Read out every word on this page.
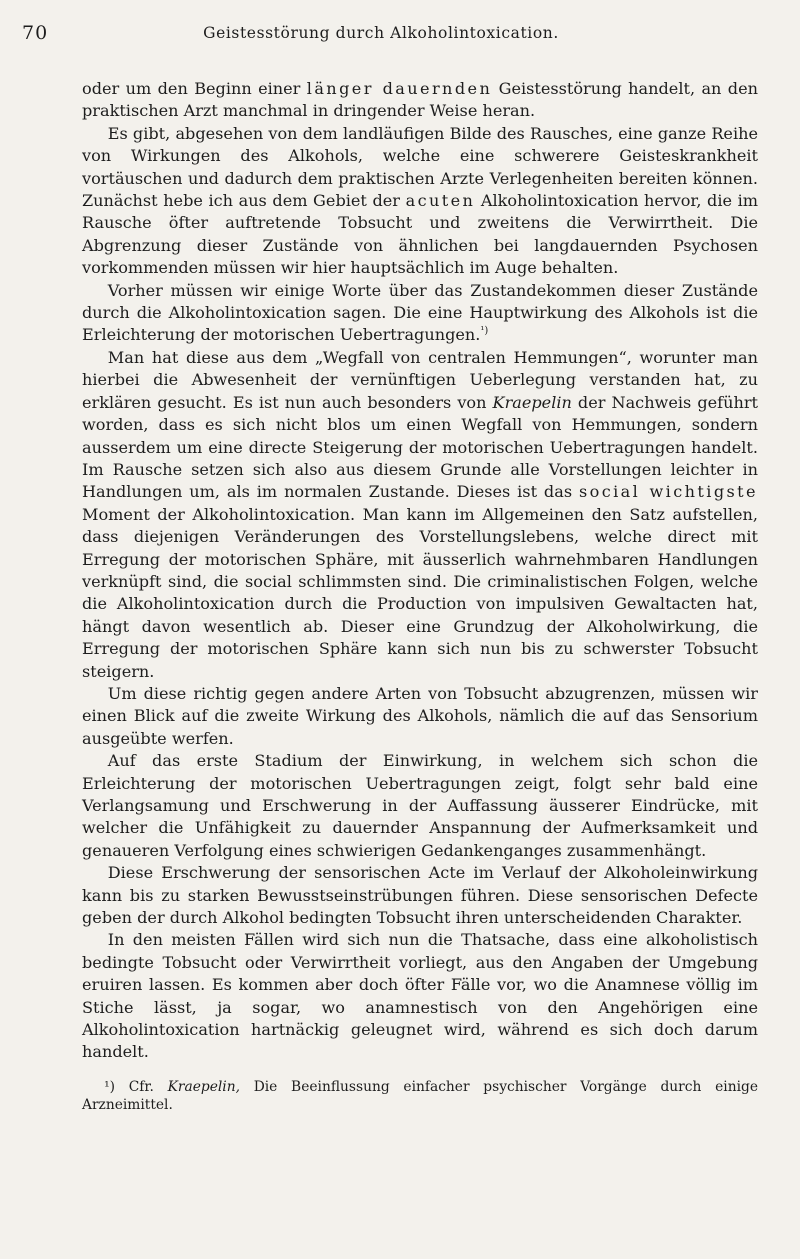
70	Geistesstörung durch Alkoholintoxication.

oder um den Beginn einer länger dauernden Geistesstörung handelt, an den praktischen Arzt manchmal in dringender Weise heran.

Es gibt, abgesehen von dem landläufigen Bilde des Rausches, eine ganze Reihe von Wirkungen des Alkohols, welche eine schwerere Geisteskrankheit vortäuschen und dadurch dem praktischen Arzte Verlegenheiten bereiten können. Zunächst hebe ich aus dem Gebiet der acuten Alkoholintoxication hervor, die im Rausche öfter auftretende Tobsucht und zweitens die Verwirrtheit. Die Abgrenzung dieser Zustände von ähnlichen bei langdauernden Psychosen vorkommenden müssen wir hier hauptsächlich im Auge behalten.

Vorher müssen wir einige Worte über das Zustandekommen dieser Zustände durch die Alkoholintoxication sagen. Die eine Hauptwirkung des Alkohols ist die Erleichterung der motorischen Uebertragungen.$^{^1)}$

Man hat diese aus dem „Wegfall von centralen Hemmungen“, worunter man hierbei die Abwesenheit der vernünftigen Ueberlegung verstanden hat, zu erklären gesucht. Es ist nun auch besonders von Kraepelin der Nachweis geführt worden, dass es sich nicht blos um einen Wegfall von Hemmungen, sondern ausserdem um eine directe Steigerung der motorischen Uebertragungen handelt. Im Rausche setzen sich also aus diesem Grunde alle Vorstellungen leichter in Handlungen um, als im normalen Zustande. Dieses ist das social wichtigste Moment der Alkoholintoxication. Man kann im Allgemeinen den Satz aufstellen, dass diejenigen Veränderungen des Vorstellungslebens, welche direct mit Erregung der motorischen Sphäre, mit äusserlich wahrnehmbaren Handlungen verknüpft sind, die social schlimmsten sind. Die criminalistischen Folgen, welche die Alkoholintoxication durch die Production von impulsiven Gewaltacten hat, hängt davon wesentlich ab. Dieser eine Grundzug der Alkoholwirkung, die Erregung der motorischen Sphäre kann sich nun bis zu schwerster Tobsucht steigern.

Um diese richtig gegen andere Arten von Tobsucht abzugrenzen, müssen wir einen Blick auf die zweite Wirkung des Alkohols, nämlich die auf das Sensorium ausgeübte werfen.

Auf das erste Stadium der Einwirkung, in welchem sich schon die Erleichterung der motorischen Uebertragungen zeigt, folgt sehr bald eine Verlangsamung und Erschwerung in der Auffassung äusserer Eindrücke, mit welcher die Unfähigkeit zu dauernder Anspannung der Aufmerksamkeit und genaueren Verfolgung eines schwierigen Gedankenganges zusammenhängt.

Diese Erschwerung der sensorischen Acte im Verlauf der Alkoholeinwirkung kann bis zu starken Bewusstseinstrübungen führen. Diese sensorischen Defecte geben der durch Alkohol bedingten Tobsucht ihren unterscheidenden Charakter.

In den meisten Fällen wird sich nun die Thatsache, dass eine alkoholistisch bedingte Tobsucht oder Verwirrtheit vorliegt, aus den Angaben der Umgebung eruiren lassen. Es kommen aber doch öfter Fälle vor, wo die Anamnese völlig im Stiche lässt, ja sogar, wo anamnestisch von den Angehörigen eine Alkoholintoxication hartnäckig geleugnet wird, während es sich doch darum handelt.

¹) Cfr. Kraepelin, Die Beeinflussung einfacher psychischer Vorgänge durch einige Arzneimittel.
